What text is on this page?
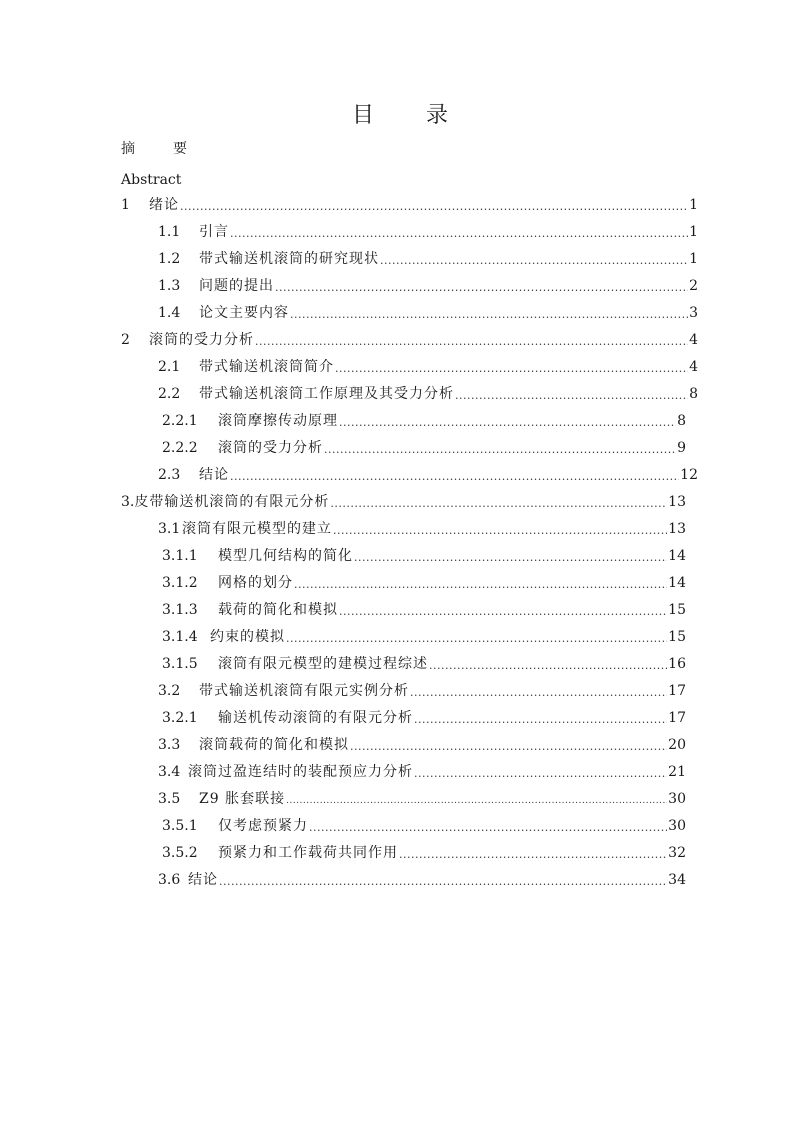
目 录
摘	要
Abstract
1	绪论 .....	1
1.1	引言 .....	1
1.2	带式输送机滚筒的研究现状 .....	1
1.3	问题的提出 .....	2
1.4	论文主要内容 .....	3
2	滚筒的受力分析 .....	4
2.1	带式输送机滚筒简介 .....	4
2.2	带式输送机滚筒工作原理及其受力分析 .....	8
2.2.1	滚筒摩擦传动原理 .....	8
2.2.2	滚筒的受力分析 .....	9
2.3	结论 .....	12
3. 皮带输送机滚筒的有限元分析 .....	13
3.1 滚筒有限元模型的建立 .....	13
3.1.1	模型几何结构的简化 .....	14
3.1.2	网格的划分 .....	14
3.1.3	载荷的简化和模拟 .....	15
3.1.4 约束的模拟 .....	15
3.1.5	滚筒有限元模型的建模过程综述 .....	16
3.2	带式输送机滚筒有限元实例分析 .....	17
3.2.1	输送机传动滚筒的有限元分析 .....	17
3.3	滚筒载荷的简化和模拟 .....	20
3.4 滚筒过盈连结时的装配预应力分析 .....	21
3.5	Z9 胀套联接 .....	30
3.5.1	仅考虑预紧力 .....	30
3.5.2	预紧力和工作载荷共同作用 .....	32
3.6 结论 .....	34
